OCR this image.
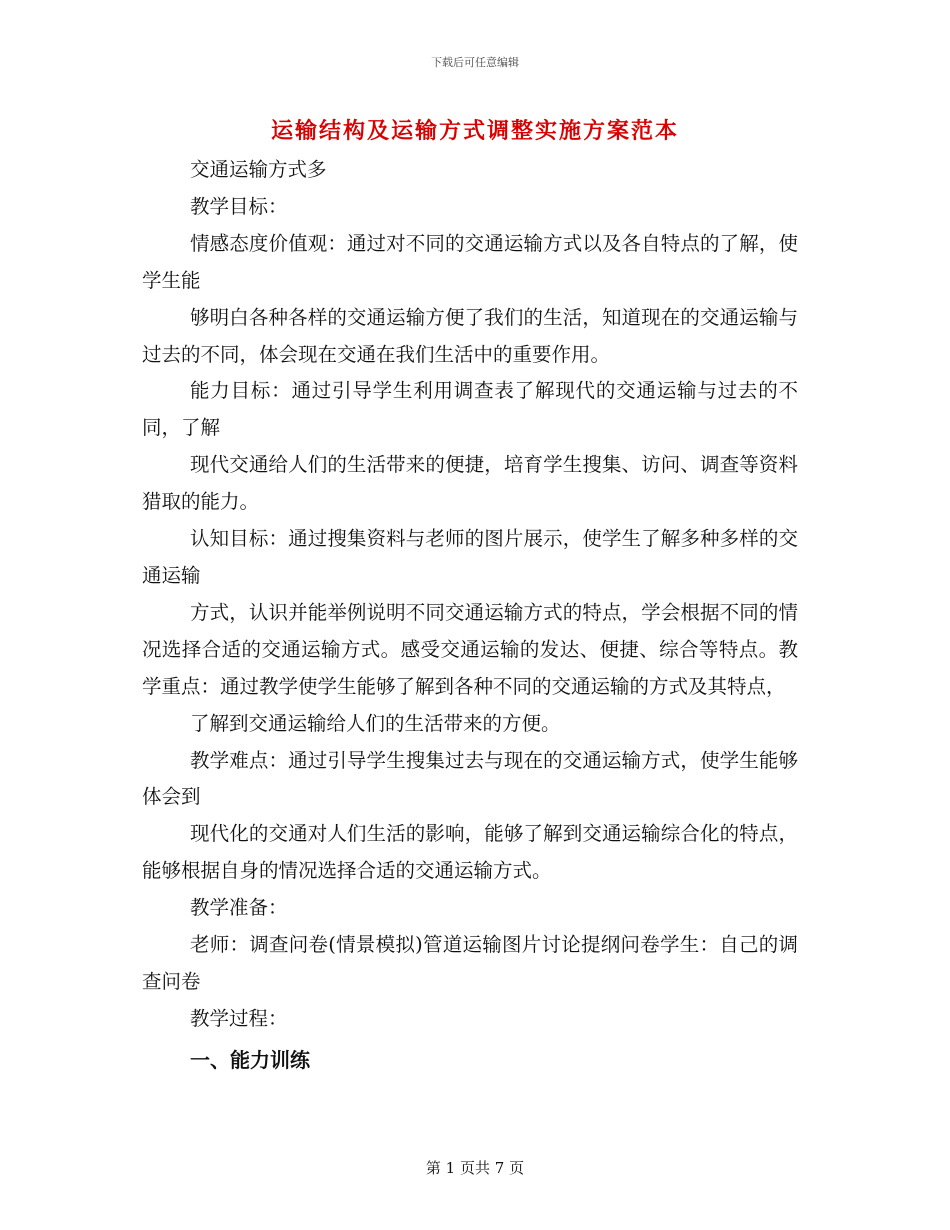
下载后可任意编辑
运输结构及运输方式调整实施方案范本

交通运输方式多

教学目标：

情感态度价值观：通过对不同的交通运输方式以及各自特点的了解，使学生能

够明白各种各样的交通运输方便了我们的生活，知道现在的交通运输与过去的不同，体会现在交通在我们生活中的重要作用。

能力目标：通过引导学生利用调查表了解现代的交通运输与过去的不同，了解

现代交通给人们的生活带来的便捷，培育学生搜集、访问、调查等资料猎取的能力。

认知目标：通过搜集资料与老师的图片展示，使学生了解多种多样的交通运输

方式，认识并能举例说明不同交通运输方式的特点，学会根据不同的情况选择合适的交通运输方式。感受交通运输的发达、便捷、综合等特点。教学重点：通过教学使学生能够了解到各种不同的交通运输的方式及其特点，

了解到交通运输给人们的生活带来的方便。

教学难点：通过引导学生搜集过去与现在的交通运输方式，使学生能够体会到

现代化的交通对人们生活的影响，能够了解到交通运输综合化的特点，能够根据自身的情况选择合适的交通运输方式。

教学准备：

老师：调查问卷(情景模拟)管道运输图片讨论提纲问卷学生：自己的调查问卷

教学过程：

一、能力训练

第 1 页共 7 页
